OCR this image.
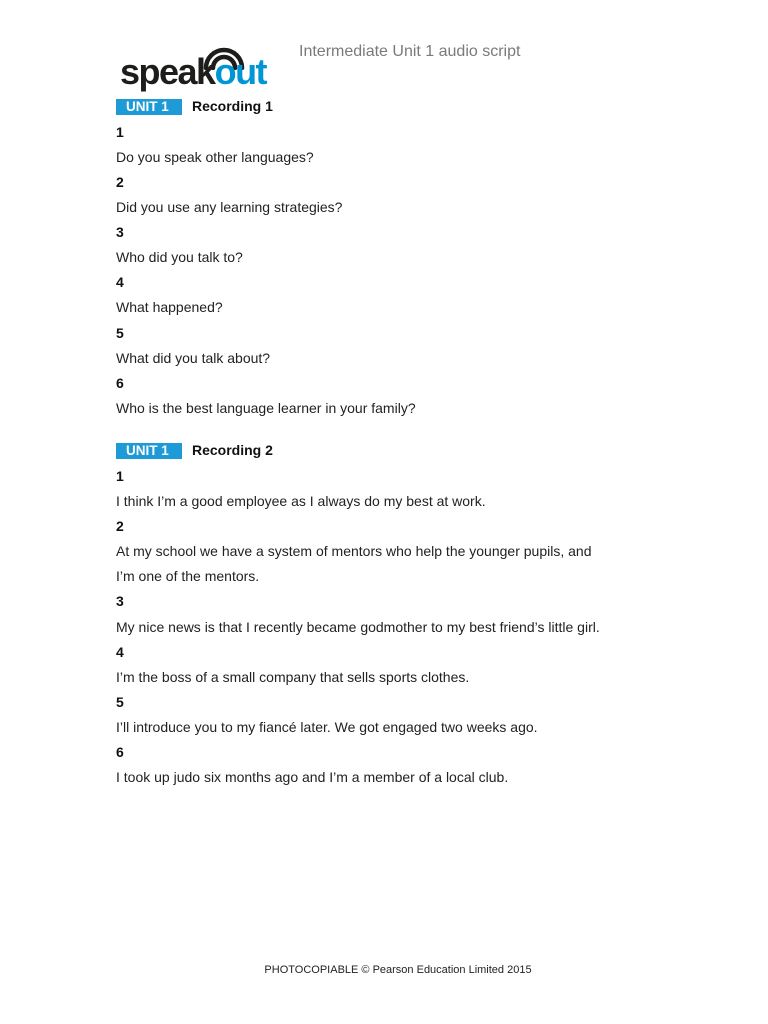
speakout Intermediate Unit 1 audio script
UNIT 1 Recording 1
1
Do you speak other languages?
2
Did you use any learning strategies?
3
Who did you talk to?
4
What happened?
5
What did you talk about?
6
Who is the best language learner in your family?
UNIT 1 Recording 2
1
I think I’m a good employee as I always do my best at work.
2
At my school we have a system of mentors who help the younger pupils, and
I’m one of the mentors.
3
My nice news is that I recently became godmother to my best friend’s little girl.
4
I’m the boss of a small company that sells sports clothes.
5
I’ll introduce you to my fiancé later. We got engaged two weeks ago.
6
I took up judo six months ago and I’m a member of a local club.
PHOTOCOPIABLE © Pearson Education Limited 2015
